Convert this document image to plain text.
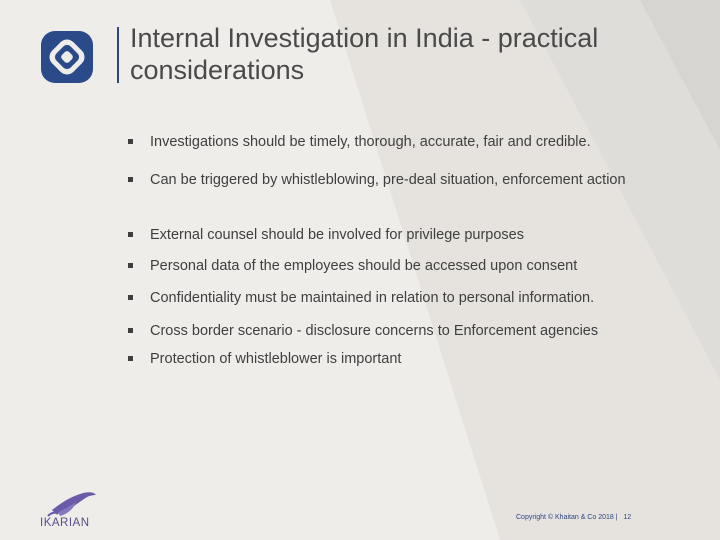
Internal Investigation in India - practical considerations
Investigations should be timely, thorough, accurate, fair and credible.
Can be triggered by whistleblowing, pre-deal situation, enforcement action
External counsel should be involved for privilege purposes
Personal data of the employees should be accessed upon consent
Confidentiality must be maintained in relation to personal information.
Cross border scenario - disclosure concerns to Enforcement agencies
Protection of whistleblower is important
IKARIAN	Copyright © Khaitan & Co 2018 |   12
